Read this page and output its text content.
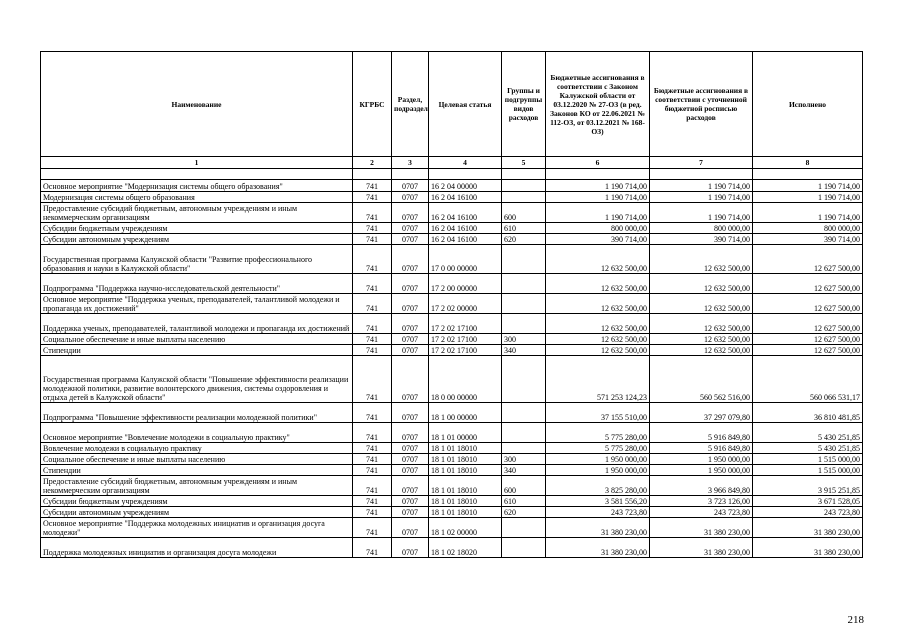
Наименование	КГРБС	Раздел, подраздел	Целевая статья	Группы и подгруппы видов расходов	Бюджетные ассигнования в соответствии с Законом Калужской области от 03.12.2020 № 27-ОЗ (в ред. Законов КО от 22.06.2021 № 112-ОЗ, от 03.12.2021 № 168-ОЗ)	Бюджетные ассигнования в соответствии с уточненной бюджетной росписью расходов	Исполнено
1	2	3	4	5	6	7	8

Основное мероприятие "Модернизация системы общего образования"	741	0707	16 2 04 00000		1 190 714,00	1 190 714,00	1 190 714,00
Модернизация системы общего образования	741	0707	16 2 04 16100		1 190 714,00	1 190 714,00	1 190 714,00
Предоставление субсидий бюджетным, автономным учреждениям и иным некоммерческим организациям	741	0707	16 2 04 16100	600	1 190 714,00	1 190 714,00	1 190 714,00
Субсидии бюджетным учреждениям	741	0707	16 2 04 16100	610	800 000,00	800 000,00	800 000,00
Субсидии автономным учреждениям	741	0707	16 2 04 16100	620	390 714,00	390 714,00	390 714,00
Государственная программа Калужской области "Развитие профессионального образования и науки в Калужской области"	741	0707	17 0 00 00000		12 632 500,00	12 632 500,00	12 627 500,00
Подпрограмма "Поддержка научно-исследовательской деятельности"	741	0707	17 2 00 00000		12 632 500,00	12 632 500,00	12 627 500,00
Основное мероприятие "Поддержка ученых, преподавателей, талантливой молодежи и пропаганда их достижений"	741	0707	17 2 02 00000		12 632 500,00	12 632 500,00	12 627 500,00
Поддержка ученых, преподавателей, талантливой молодежи и пропаганда их достижений	741	0707	17 2 02 17100		12 632 500,00	12 632 500,00	12 627 500,00
Социальное обеспечение и иные выплаты населению	741	0707	17 2 02 17100	300	12 632 500,00	12 632 500,00	12 627 500,00
Стипендии	741	0707	17 2 02 17100	340	12 632 500,00	12 632 500,00	12 627 500,00
Государственная программа Калужской области "Повышение эффективности реализации молодежной политики, развитие волонтерского движения, системы оздоровления и отдыха детей в Калужской области"	741	0707	18 0 00 00000		571 253 124,23	560 562 516,00	560 066 531,17
Подпрограмма "Повышение эффективности реализации молодежной политики"	741	0707	18 1 00 00000		37 155 510,00	37 297 079,80	36 810 481,85
Основное мероприятие "Вовлечение молодежи в социальную практику"	741	0707	18 1 01 00000		5 775 280,00	5 916 849,80	5 430 251,85
Вовлечение молодежи в социальную практику	741	0707	18 1 01 18010		5 775 280,00	5 916 849,80	5 430 251,85
Социальное обеспечение и иные выплаты населению	741	0707	18 1 01 18010	300	1 950 000,00	1 950 000,00	1 515 000,00
Стипендии	741	0707	18 1 01 18010	340	1 950 000,00	1 950 000,00	1 515 000,00
Предоставление субсидий бюджетным, автономным учреждениям и иным некоммерческим организациям	741	0707	18 1 01 18010	600	3 825 280,00	3 966 849,80	3 915 251,85
Субсидии бюджетным учреждениям	741	0707	18 1 01 18010	610	3 581 556,20	3 723 126,00	3 671 528,05
Субсидии автономным учреждениям	741	0707	18 1 01 18010	620	243 723,80	243 723,80	243 723,80
Основное мероприятие "Поддержка молодежных инициатив и организация досуга молодежи"	741	0707	18 1 02 00000		31 380 230,00	31 380 230,00	31 380 230,00
Поддержка молодежных инициатив и организация досуга молодежи	741	0707	18 1 02 18020		31 380 230,00	31 380 230,00	31 380 230,00
218
